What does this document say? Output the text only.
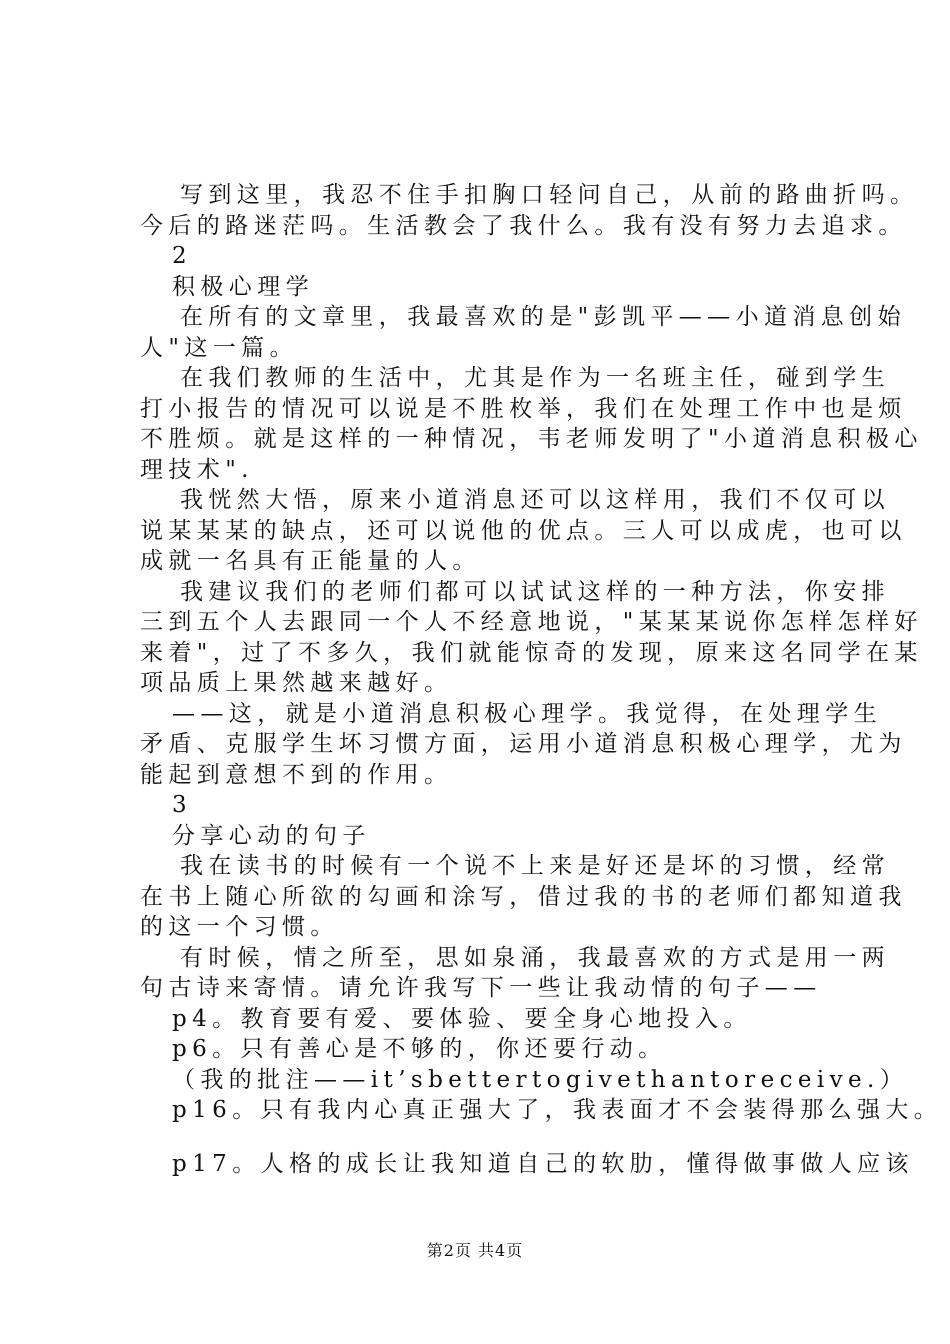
写到这里，我忍不住手扣胸口轻问自己，从前的路曲折吗。
今后的路迷茫吗。生活教会了我什么。我有没有努力去追求。
2
积极心理学
在所有的文章里，我最喜欢的是"彭凯平——小道消息创始
人"这一篇。
在我们教师的生活中，尤其是作为一名班主任，碰到学生
打小报告的情况可以说是不胜枚举，我们在处理工作中也是烦
不胜烦。就是这样的一种情况，韦老师发明了"小道消息积极心
理技术".
我恍然大悟，原来小道消息还可以这样用，我们不仅可以
说某某某的缺点，还可以说他的优点。三人可以成虎，也可以
成就一名具有正能量的人。
我建议我们的老师们都可以试试这样的一种方法，你安排
三到五个人去跟同一个人不经意地说，"某某某说你怎样怎样好
来着"，过了不多久，我们就能惊奇的发现，原来这名同学在某
项品质上果然越来越好。
——这，就是小道消息积极心理学。我觉得，在处理学生
矛盾、克服学生坏习惯方面，运用小道消息积极心理学，尤为
能起到意想不到的作用。
3
分享心动的句子
我在读书的时候有一个说不上来是好还是坏的习惯，经常
在书上随心所欲的勾画和涂写，借过我的书的老师们都知道我
的这一个习惯。
有时候，情之所至，思如泉涌，我最喜欢的方式是用一两
句古诗来寄情。请允许我写下一些让我动情的句子——
p4。教育要有爱、要体验、要全身心地投入。
p6。只有善心是不够的，你还要行动。
（我的批注——it’sbettertogivethantoreceive.）
p16。只有我内心真正强大了，我表面才不会装得那么强大。
p17。人格的成长让我知道自己的软肋，懂得做事做人应该
第2页 共4页
